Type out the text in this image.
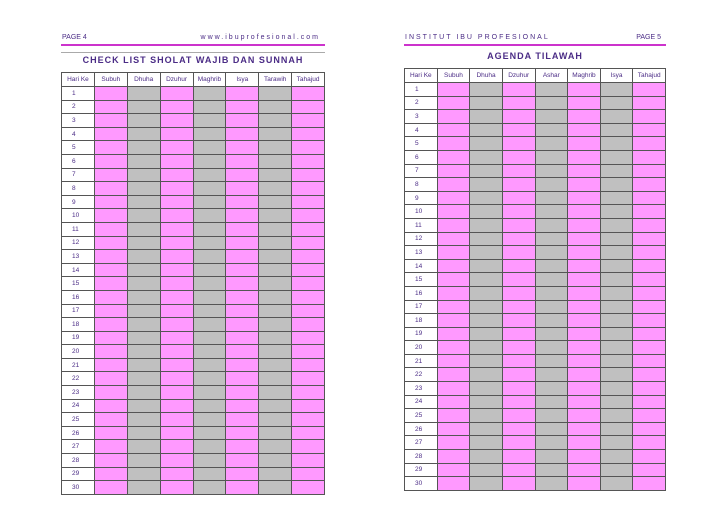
PAGE 4	www.ibuprofesional.com
CHECK LIST SHOLAT WAJIB DAN SUNNAH
Hari Ke	Subuh	Dhuha	Dzuhur	Maghrib	Isya	Tarawih	Tahajud
1							
2							
3							
4							
5							
6							
7							
8							
9							
10							
11							
12							
13							
14							
15							
16							
17							
18							
19							
20							
21							
22							
23							
24							
25							
26							
27							
28							
29							
30							
INSTITUT IBU PROFESIONAL	PAGE 5
AGENDA TILAWAH
Hari Ke	Subuh	Dhuha	Dzuhur	Ashar	Maghrib	Isya	Tahajud
1							
2							
3							
4							
5							
6							
7							
8							
9							
10							
11							
12							
13							
14							
15							
16							
17							
18							
19							
20							
21							
22							
23							
24							
25							
26							
27							
28							
29							
30							
